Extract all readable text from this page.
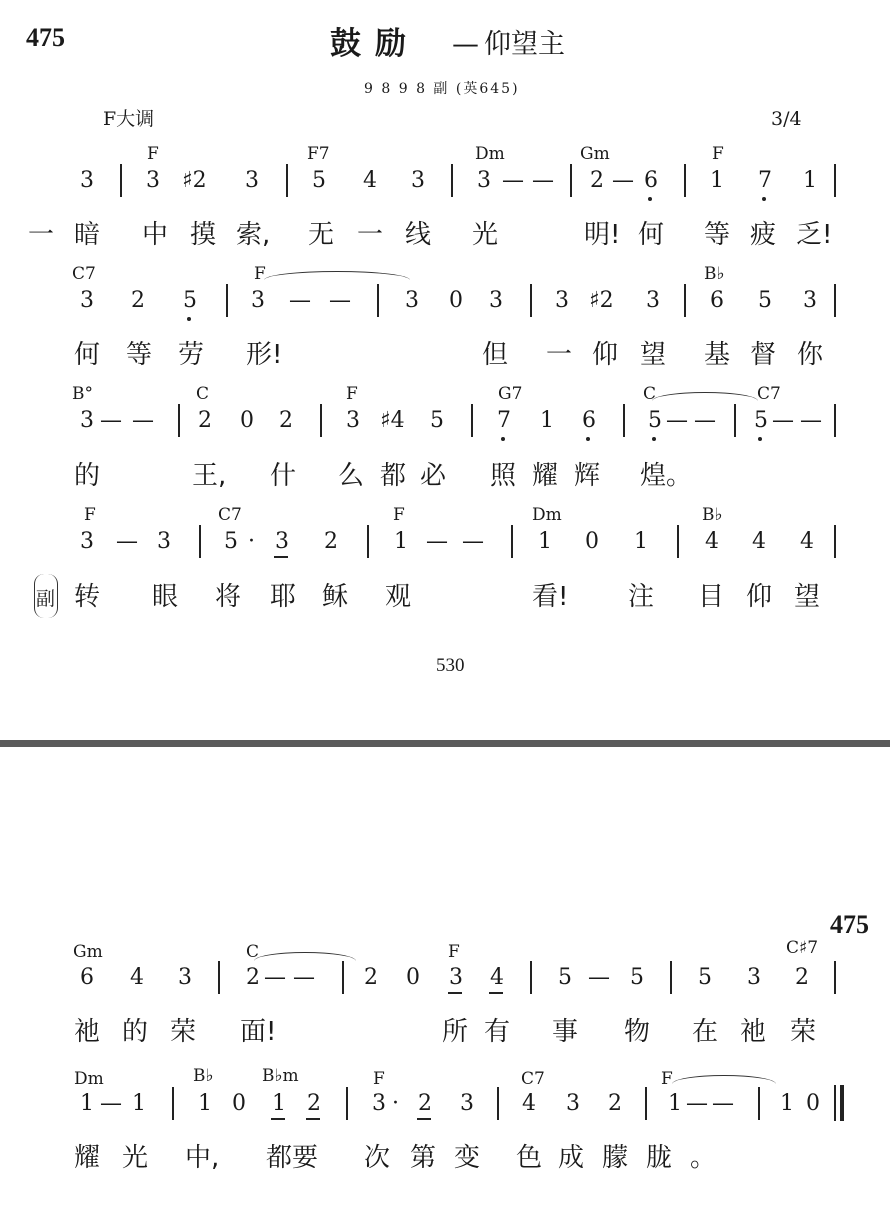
475	鼓励 — 仰望主
9 8 9 8 副 (英645)
F大调	3/4
F	F7	Dm	Gm	F
3 3 ♯2 3 5 4 3 3 — — 2 — 6 1 7 1
一 暗 中 摸 索, 无 一 线 光	明! 何 等 疲 乏!
C7	F	B♭
3 2 5 3 — — 3 0 3 3 ♯2 3 6 5 3
何 等 劳 形!	但 一 仰 望 基 督 你
B°	C	F	G7	C	C7
3 — — 2 0 2 3 ♯4 5 7 1 6 5 — — 5 — —
的	王, 什 么 都 必 照 耀 辉 煌。
F	C7	F	Dm	B♭
3 — 3 5 · 3 2	1 — — 1 0 1	4 4 4
副 转 眼 将 耶 稣 观	看! 注 目 仰 望
530
475
Gm	C	F	C♯7
6 4 3 2 — — 2 0 3 4 5 — 5 5 3 2
祂 的 荣 面!	所 有 事 物 在 祂 荣
Dm	B♭	B♭m	F	C7	F
1 — 1 1 0 1 2 3 · 2 3 4 3 2 1 — — 1 0
耀 光 中, 都要 次 第 变 色 成 朦 胧 。
